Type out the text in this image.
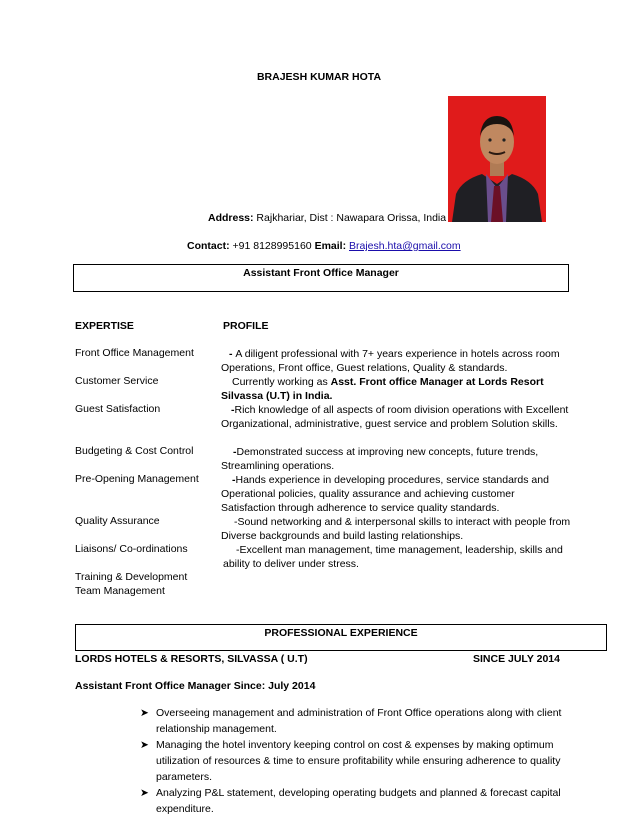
BRAJESH KUMAR HOTA
Address: Rajkhariar, Dist : Nawapara Orissa, India
Contact: +91 8128995160 Email: Brajesh.hta@gmail.com
Assistant Front Office Manager
EXPERTISE	PROFILE
Front Office Management
Customer Service
Guest Satisfaction
Budgeting & Cost Control
Pre-Opening Management
Quality Assurance
Liaisons/ Co-ordinations
Training & Development
Team Management
- A diligent professional with 7+ years experience in hotels across room Operations, Front office, Guest relations, Quality & standards.
Currently working as Asst. Front office Manager at Lords Resort Silvassa (U.T) in India.
-Rich knowledge of all aspects of room division operations with Excellent Organizational, administrative, guest service and problem Solution skills.
-Demonstrated success at improving new concepts, future trends, Streamlining operations.
-Hands experience in developing procedures, service standards and Operational policies, quality assurance and achieving customer Satisfaction through adherence to service quality standards.
-Sound networking and & interpersonal skills to interact with people from Diverse backgrounds and build lasting relationships.
-Excellent man management, time management, leadership, skills and ability to deliver under stress.
PROFESSIONAL EXPERIENCE
LORDS HOTELS & RESORTS, SILVASSA ( U.T)	SINCE JULY 2014
Assistant Front Office Manager Since: July 2014
➤ Overseeing management and administration of Front Office operations along with client relationship management.
➤ Managing the hotel inventory keeping control on cost & expenses by making optimum utilization of resources & time to ensure profitability while ensuring adherence to quality parameters.
➤ Analyzing P&L statement, developing operating budgets and planned & forecast capital expenditure.
